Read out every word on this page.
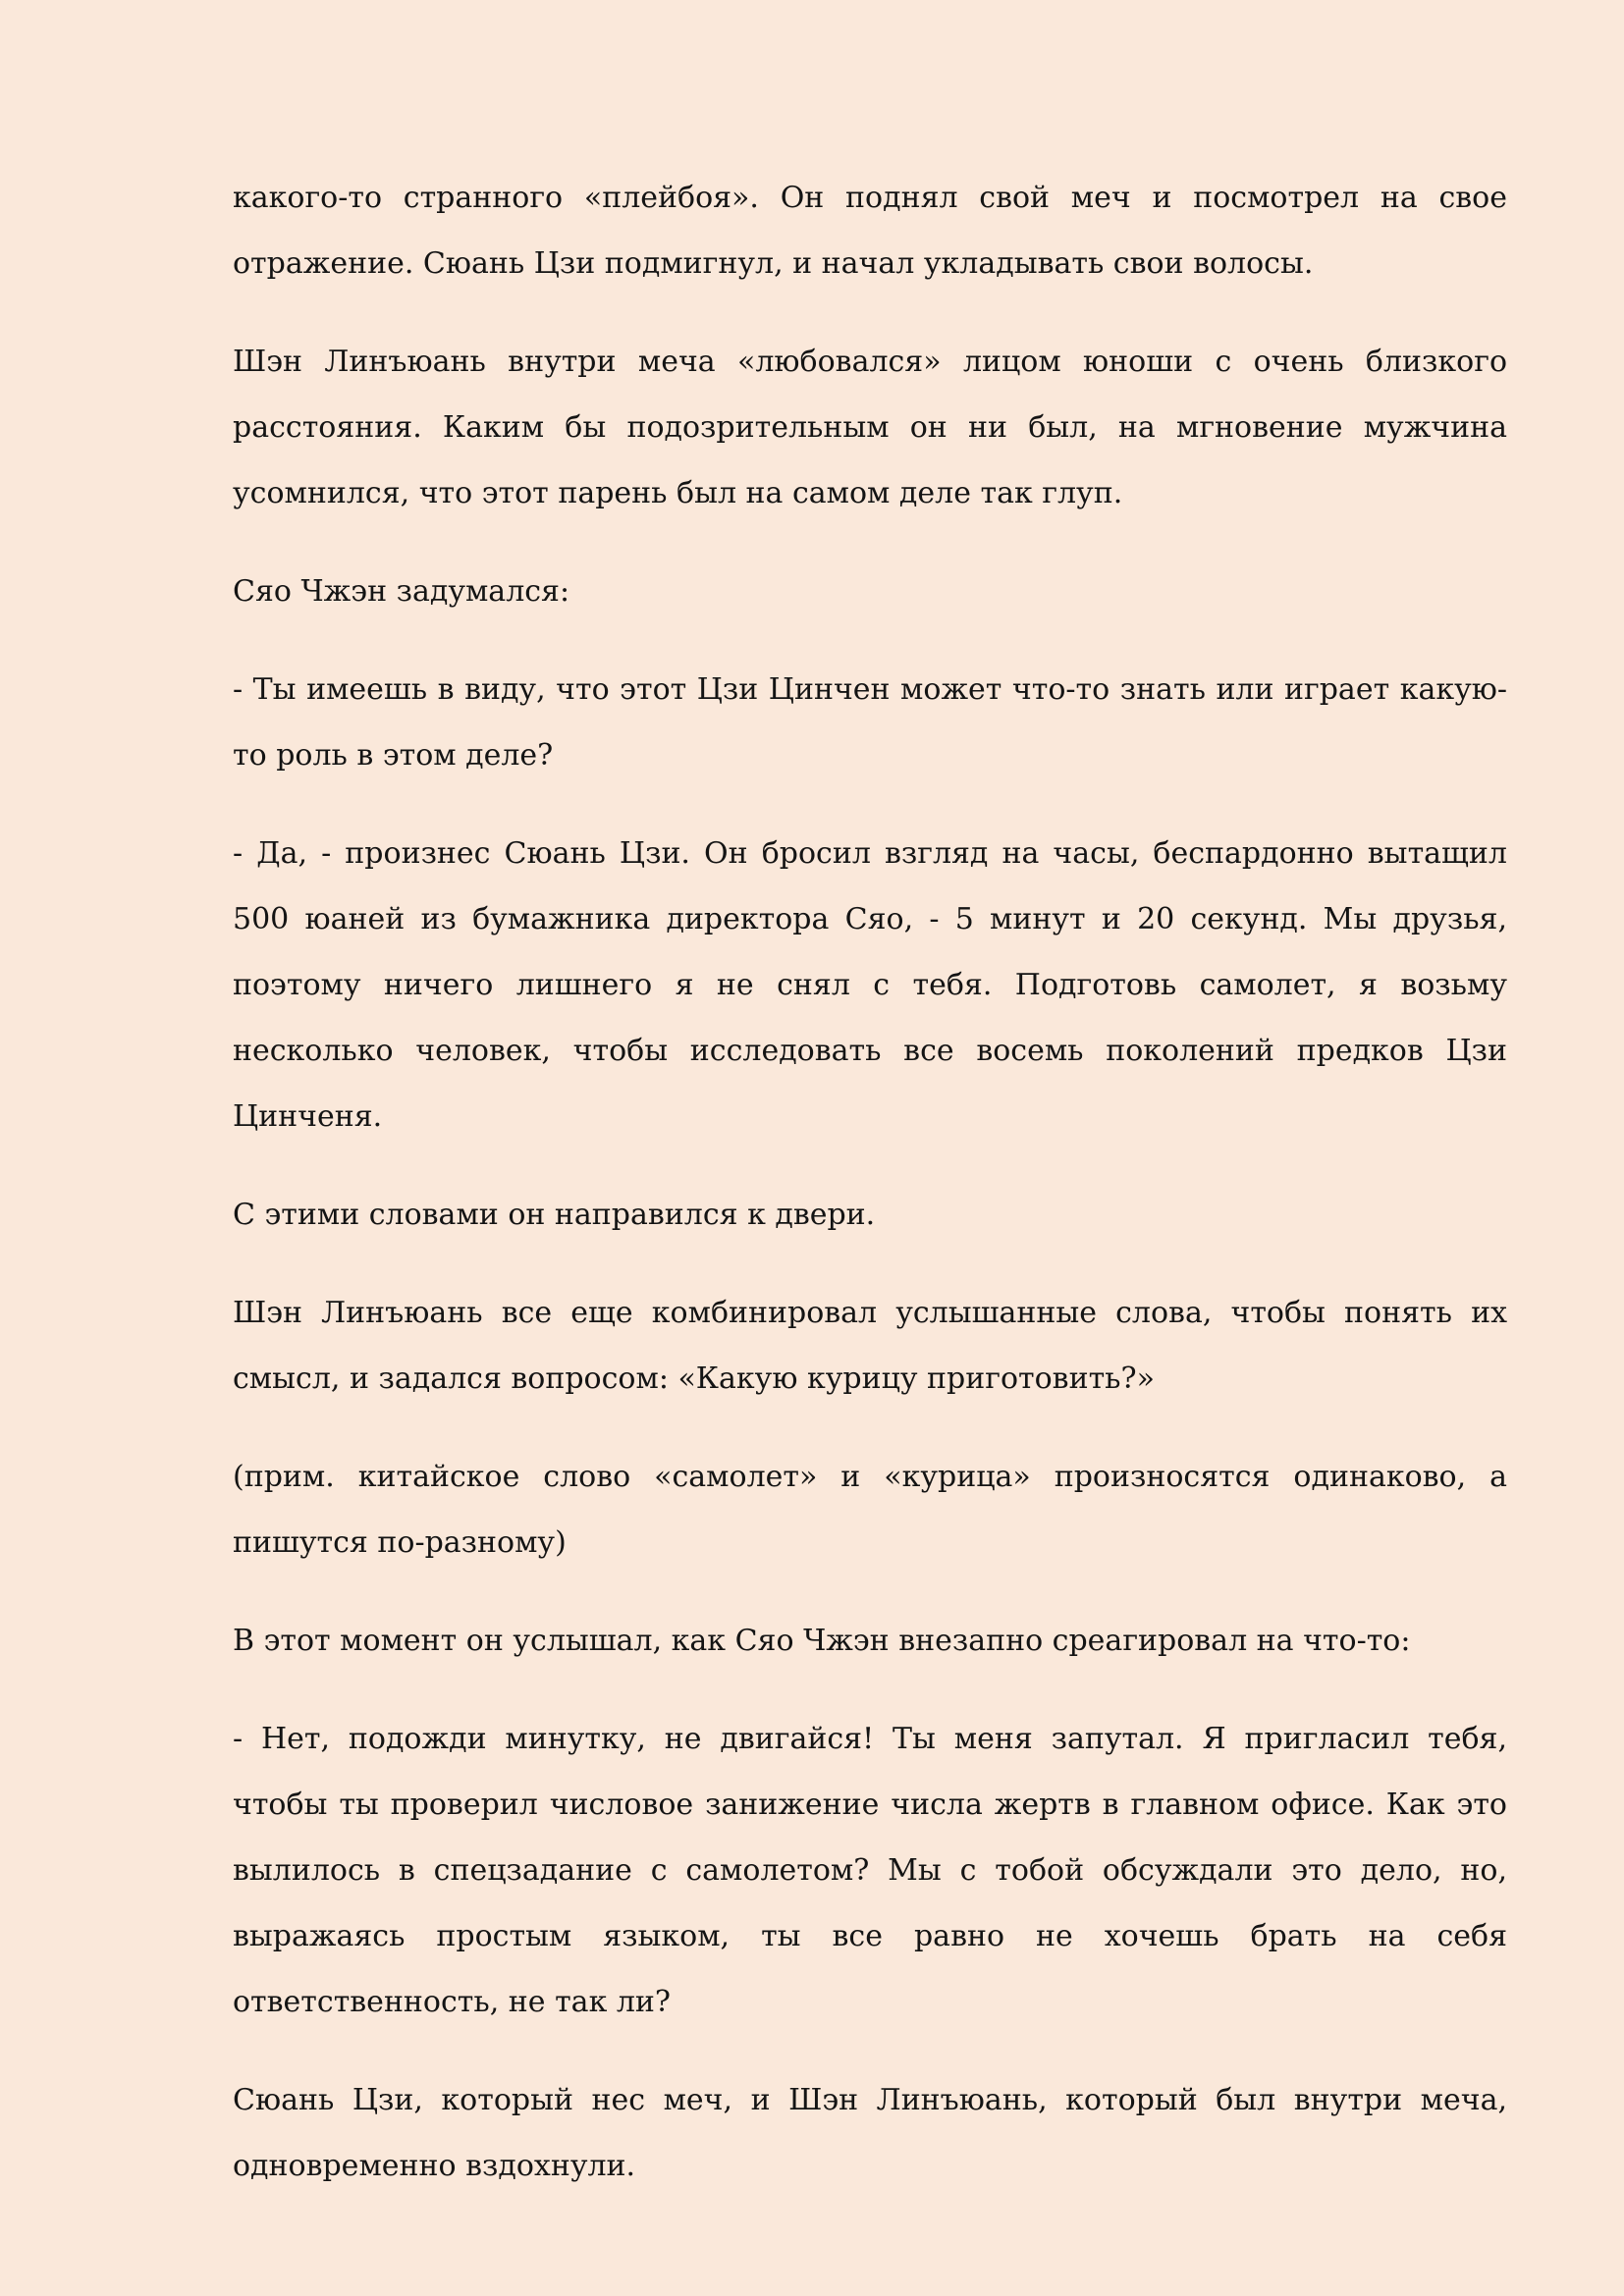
какого-то странного «плейбоя». Он поднял свой меч и посмотрел на свое отражение. Сюань Цзи подмигнул, и начал укладывать свои волосы.

Шэн Линъюань внутри меча «любовался» лицом юноши с очень близкого расстояния. Каким бы подозрительным он ни был, на мгновение мужчина усомнился, что этот парень был на самом деле так глуп.

Сяо Чжэн задумался:

- Ты имеешь в виду, что этот Цзи Цинчен может что-то знать или играет какую-то роль в этом деле?

- Да, - произнес Сюань Цзи. Он бросил взгляд на часы, беспардонно вытащил 500 юаней из бумажника директора Сяо, - 5 минут и 20 секунд. Мы друзья, поэтому ничего лишнего я не снял с тебя. Подготовь самолет, я возьму несколько человек, чтобы исследовать все восемь поколений предков Цзи Цинченя.

С этими словами он направился к двери.

Шэн Линъюань все еще комбинировал услышанные слова, чтобы понять их смысл, и задался вопросом: «Какую курицу приготовить?»

(прим. китайское слово «самолет» и «курица» произносятся одинаково, а пишутся по-разному)

В этот момент он услышал, как Сяо Чжэн внезапно среагировал на что-то:

- Нет, подожди минутку, не двигайся! Ты меня запутал. Я пригласил тебя, чтобы ты проверил числовое занижение числа жертв в главном офисе. Как это вылилось в спецзадание с самолетом? Мы с тобой обсуждали это дело, но, выражаясь простым языком, ты все равно не хочешь брать на себя ответственность, не так ли?

Сюань Цзи, который нес меч, и Шэн Линъюань, который был внутри меча, одновременно вздохнули.
